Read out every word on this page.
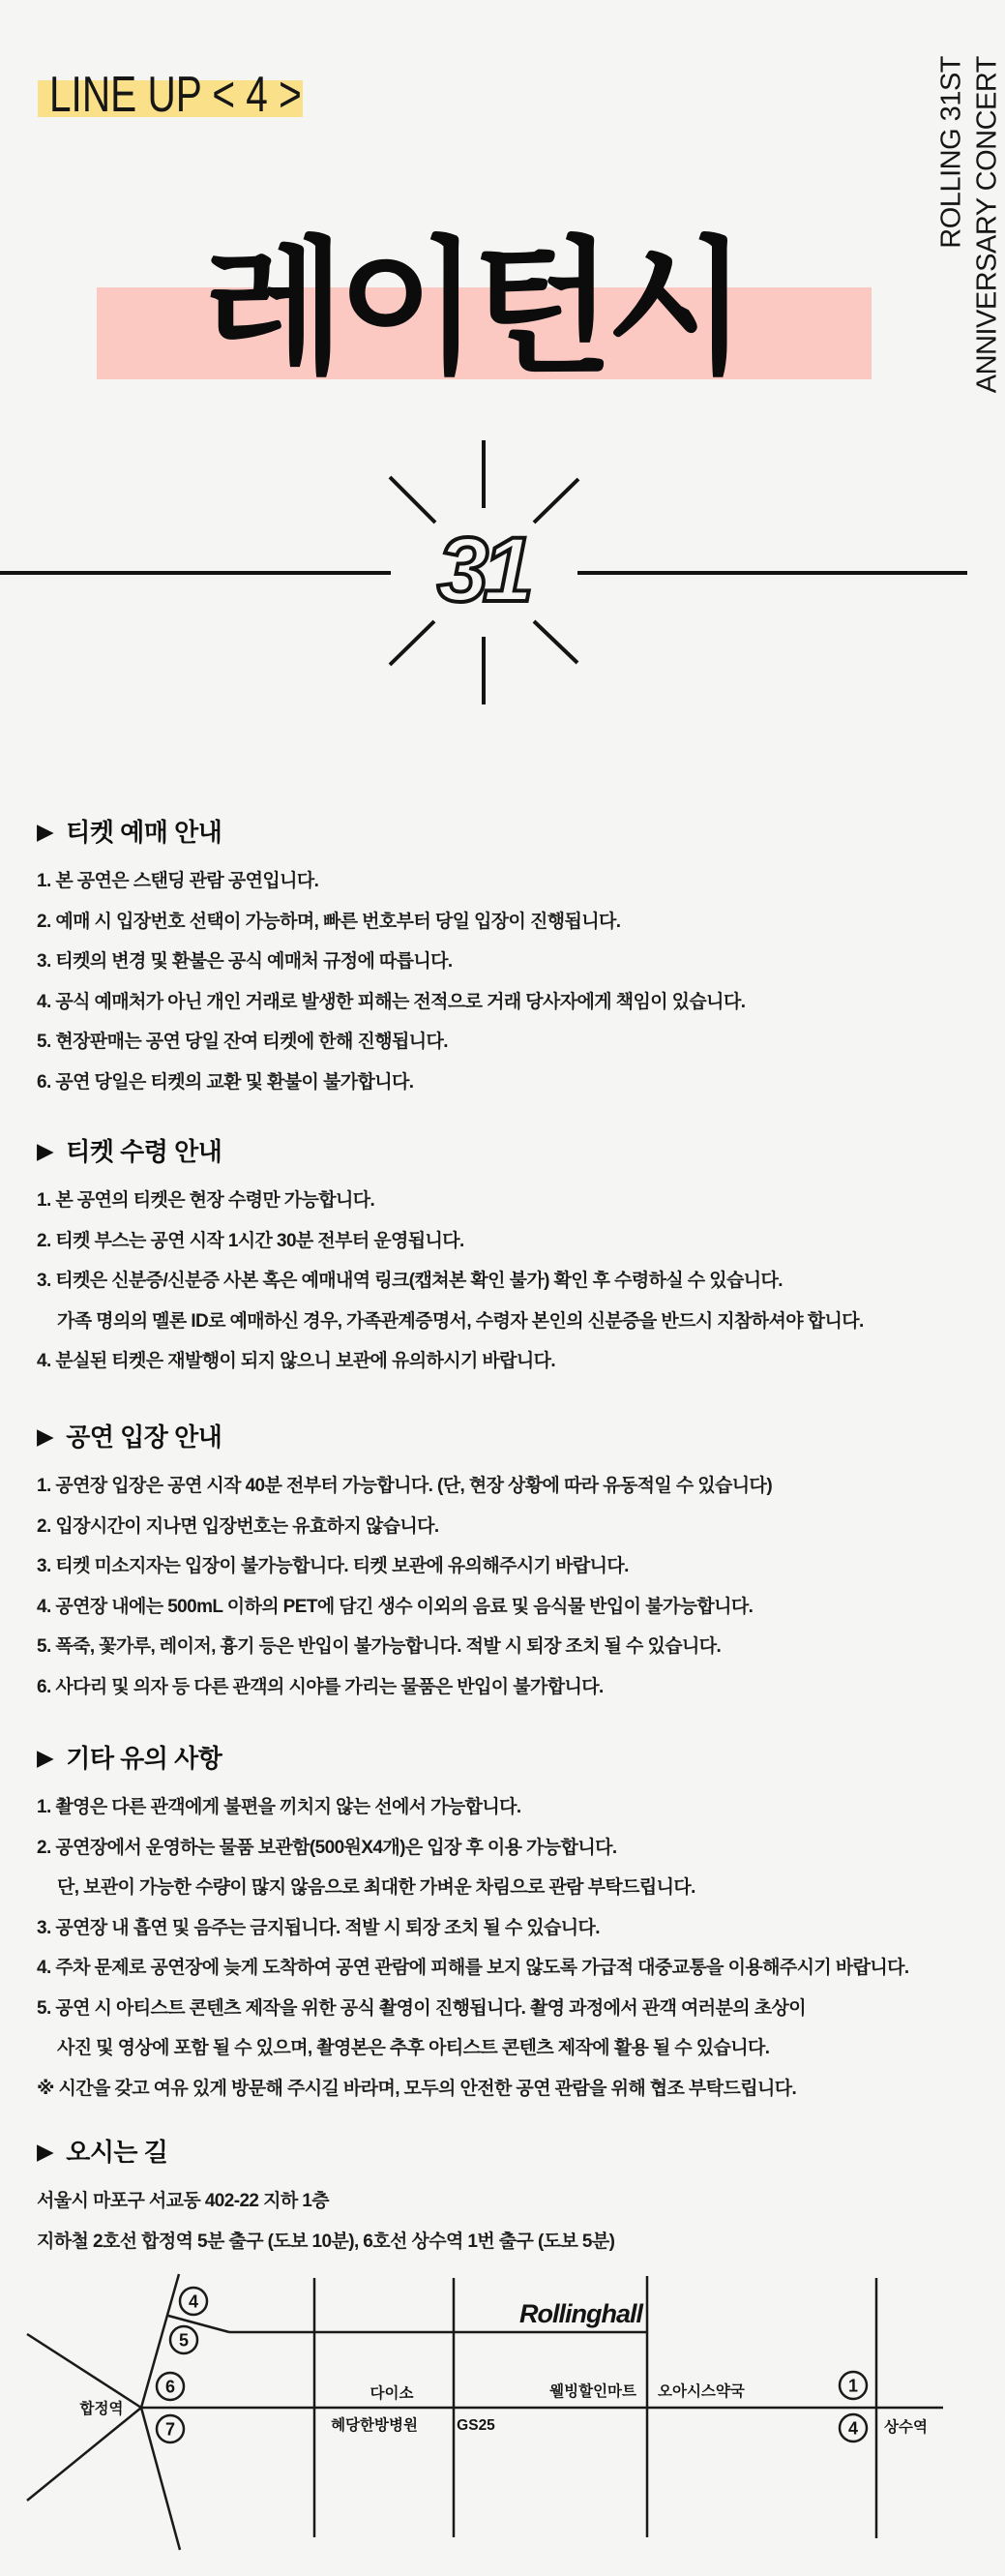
LINE UP < 4 >	ROLLING 31ST ANNIVERSARY CONCERT
레이턴시
31
▶ 티켓 예매 안내

1. 본 공연은 스탠딩 관람 공연입니다.

2. 예매 시 입장번호 선택이 가능하며, 빠른 번호부터 당일 입장이 진행됩니다.

3. 티켓의 변경 및 환불은 공식 예매처 규정에 따릅니다.

4. 공식 예매처가 아닌 개인 거래로 발생한 피해는 전적으로 거래 당사자에게 책임이 있습니다.

5. 현장판매는 공연 당일 잔여 티켓에 한해 진행됩니다.

6. 공연 당일은 티켓의 교환 및 환불이 불가합니다.

▶ 티켓 수령 안내

1. 본 공연의 티켓은 현장 수령만 가능합니다.

2. 티켓 부스는 공연 시작 1시간 30분 전부터 운영됩니다.

3. 티켓은 신분증/신분증 사본 혹은 예매내역 링크(캡쳐본 확인 불가) 확인 후 수령하실 수 있습니다.

가족 명의의 멜론 ID로 예매하신 경우, 가족관계증명서, 수령자 본인의 신분증을 반드시 지참하셔야 합니다.

4. 분실된 티켓은 재발행이 되지 않으니 보관에 유의하시기 바랍니다.

▶ 공연 입장 안내

1. 공연장 입장은 공연 시작 40분 전부터 가능합니다. (단, 현장 상황에 따라 유동적일 수 있습니다)

2. 입장시간이 지나면 입장번호는 유효하지 않습니다.

3. 티켓 미소지자는 입장이 불가능합니다. 티켓 보관에 유의해주시기 바랍니다.

4. 공연장 내에는 500mL 이하의 PET에 담긴 생수 이외의 음료 및 음식물 반입이 불가능합니다.

5. 폭죽, 꽃가루, 레이저, 흉기 등은 반입이 불가능합니다. 적발 시 퇴장 조치 될 수 있습니다.

6. 사다리 및 의자 등 다른 관객의 시야를 가리는 물품은 반입이 불가합니다.

▶ 기타 유의 사항

1. 촬영은 다른 관객에게 불편을 끼치지 않는 선에서 가능합니다.

2. 공연장에서 운영하는 물품 보관함(500원X4개)은 입장 후 이용 가능합니다.

단, 보관이 가능한 수량이 많지 않음으로 최대한 가벼운 차림으로 관람 부탁드립니다.

3. 공연장 내 흡연 및 음주는 금지됩니다. 적발 시 퇴장 조치 될 수 있습니다.

4. 주차 문제로 공연장에 늦게 도착하여 공연 관람에 피해를 보지 않도록 가급적 대중교통을 이용해주시기 바랍니다.

5. 공연 시 아티스트 콘텐츠 제작을 위한 공식 촬영이 진행됩니다. 촬영 과정에서 관객 여러분의 초상이

사진 및 영상에 포함 될 수 있으며, 촬영본은 추후 아티스트 콘텐츠 제작에 활용 될 수 있습니다.

※ 시간을 갖고 여유 있게 방문해 주시길 바라며, 모두의 안전한 공연 관람을 위해 협조 부탁드립니다.

▶ 오시는 길

서울시 마포구 서교동 402-22 지하 1층

지하철 2호선 합정역 5분 출구 (도보 10분), 6호선 상수역 1번 출구 (도보 5분)

4
5
6
7
1
4
Rollinghall
합정역
다이소
혜당한방병원	GS25
웰빙할인마트 오아시스약국
상수역
